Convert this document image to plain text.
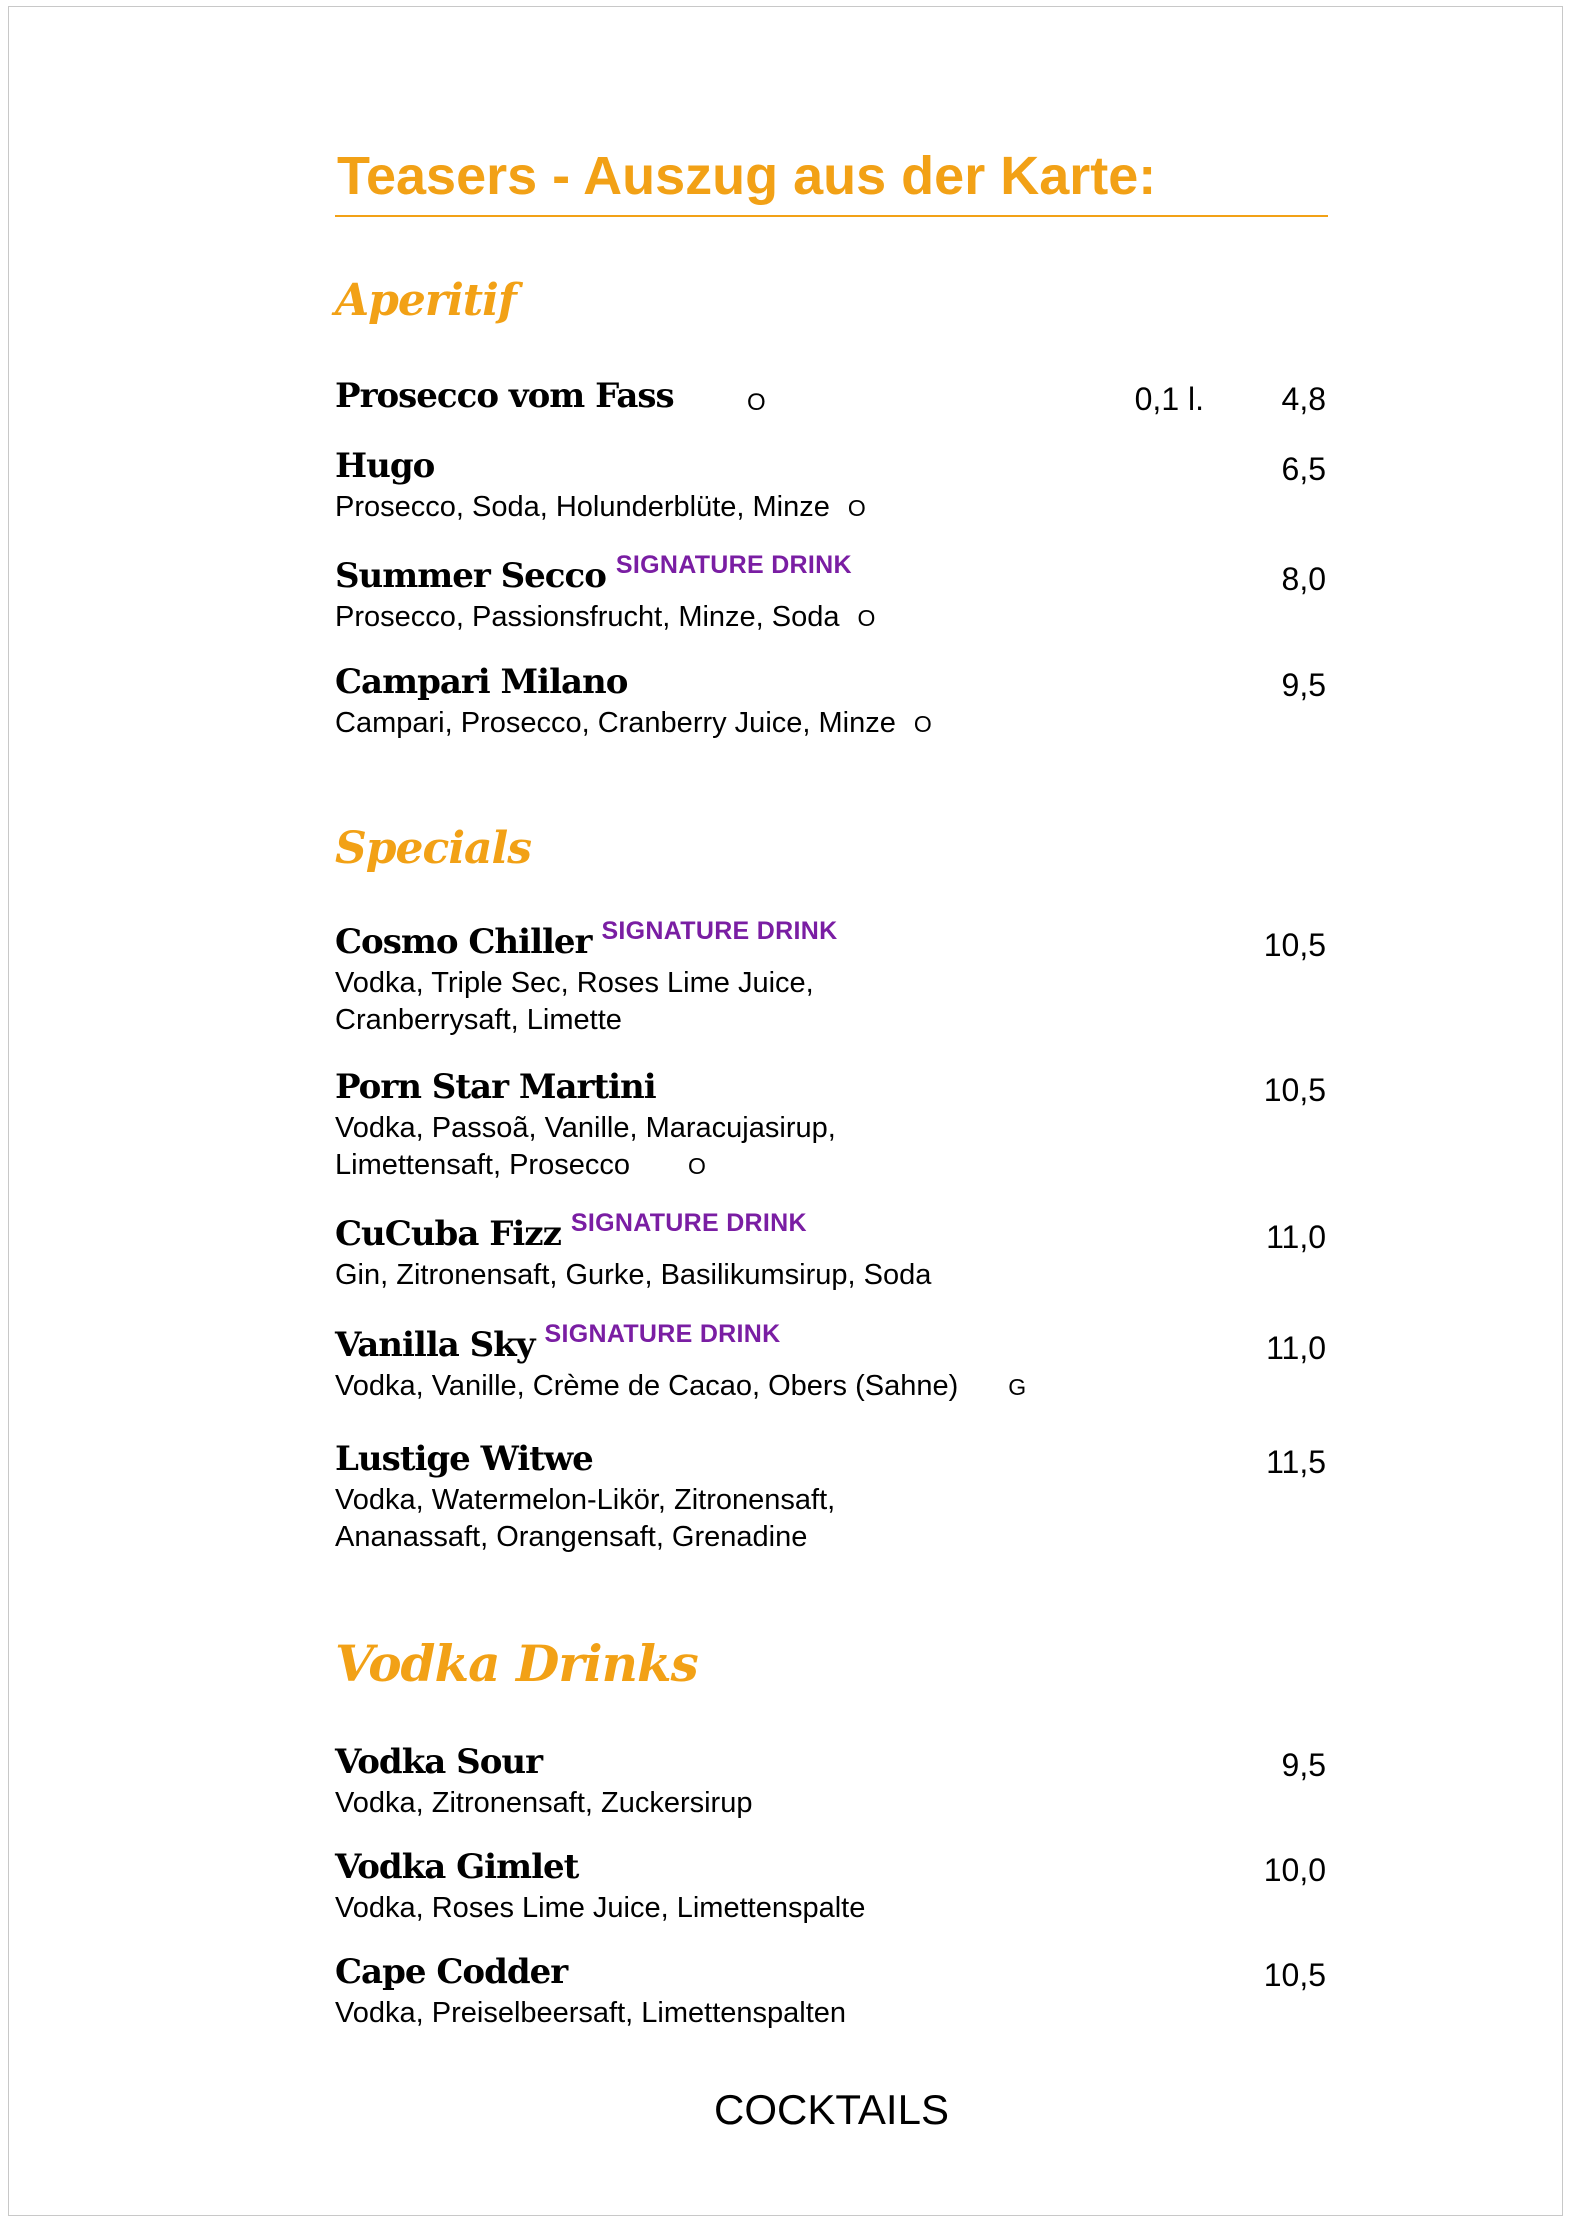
Teasers - Auszug aus der Karte:
Aperitif
Prosecco vom Fass	O	0,1 l. 4,8
Hugo	6,5
Prosecco, Soda, Holunderblüte, Minze O
Summer Secco SIGNATURE DRINK	8,0
Prosecco, Passionsfrucht, Minze, Soda O
Campari Milano	9,5
Campari, Prosecco, Cranberry Juice, Minze O
Specials
Cosmo Chiller SIGNATURE DRINK	10,5
Vodka, Triple Sec, Roses Lime Juice,
Cranberrysaft, Limette
Porn Star Martini	10,5
Vodka, Passoã, Vanille, Maracujasirup,
Limettensaft, Prosecco	O
CuCuba Fizz SIGNATURE DRINK	11,0
Gin, Zitronensaft, Gurke, Basilikumsirup, Soda
Vanilla Sky SIGNATURE DRINK	11,0
Vodka, Vanille, Crème de Cacao, Obers (Sahne) G
Lustige Witwe	11,5
Vodka, Watermelon-Likör, Zitronensaft,
Ananassaft, Orangensaft, Grenadine
Vodka Drinks
Vodka Sour	9,5
Vodka, Zitronensaft, Zuckersirup
Vodka Gimlet	10,0
Vodka, Roses Lime Juice, Limettenspalte
Cape Codder	10,5
Vodka, Preiselbeersaft, Limettenspalten
COCKTAILS
